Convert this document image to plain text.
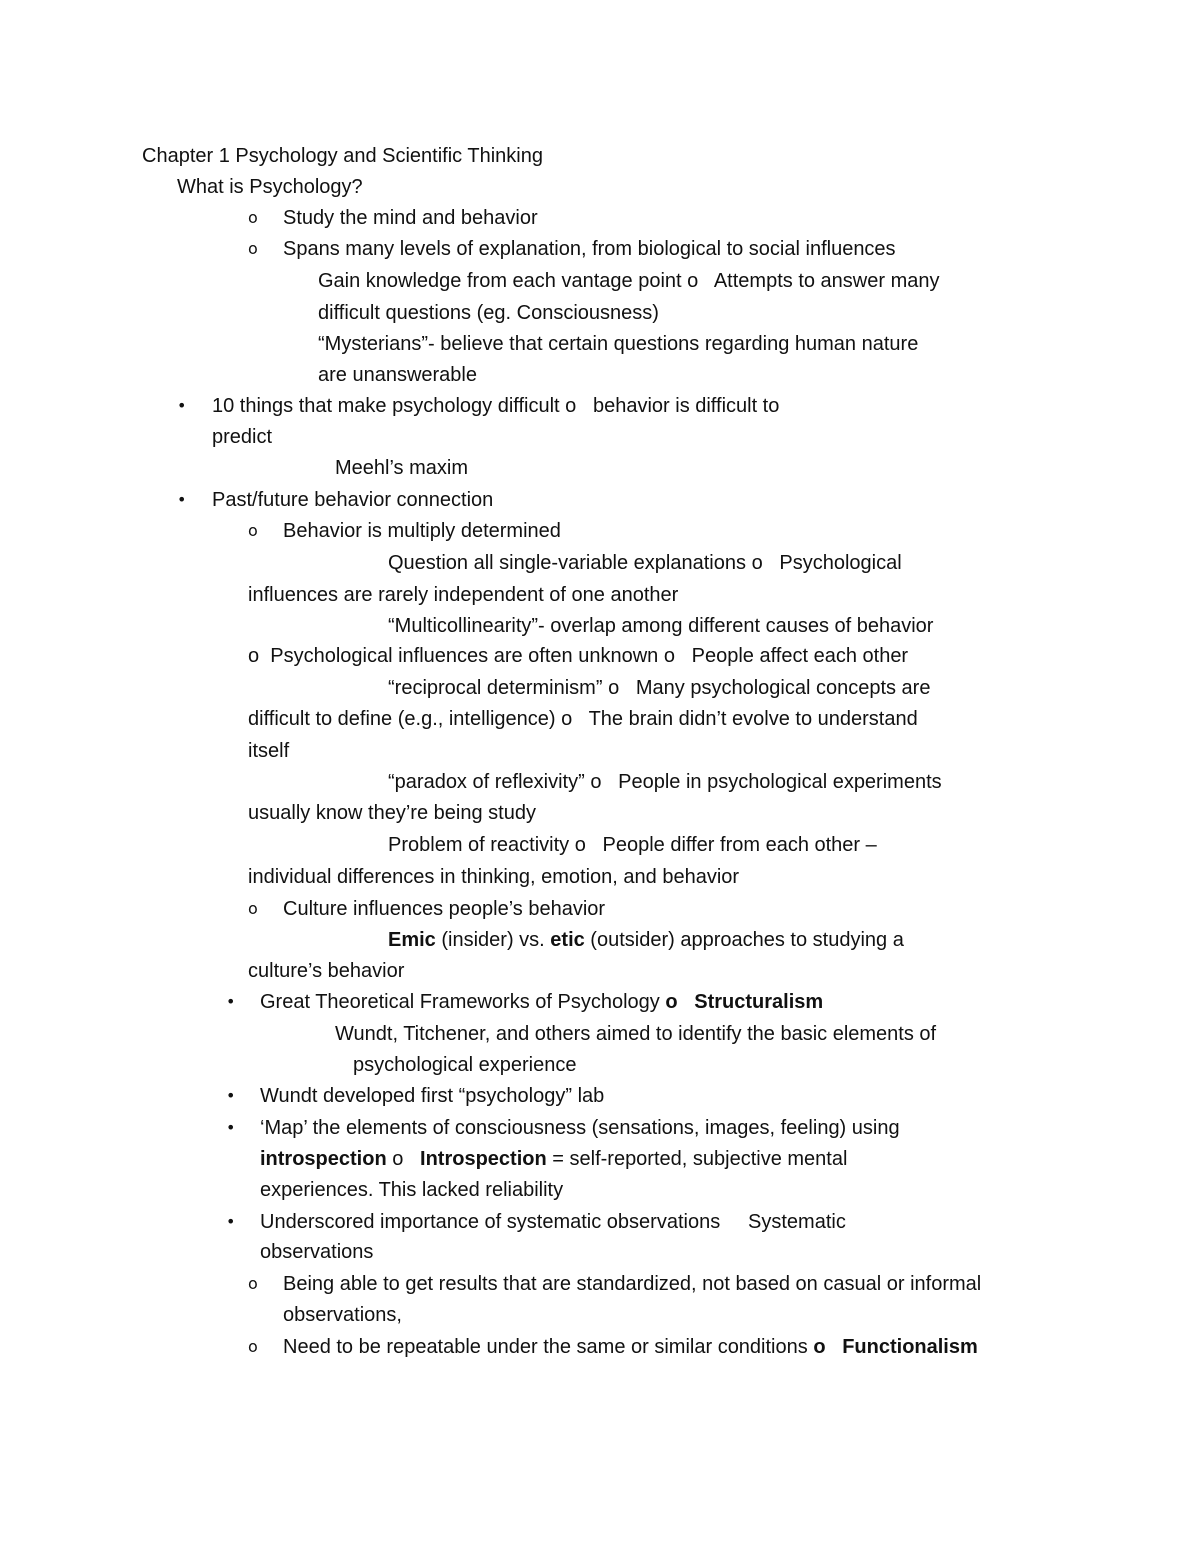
Chapter 1 Psychology and Scientific Thinking

What is Psychology?

o Study the mind and behavior

o Spans many levels of explanation, from biological to social influences

Gain knowledge from each vantage point o Attempts to answer many

difficult questions (eg. Consciousness)

“Mysterians”- believe that certain questions regarding human nature

are unanswerable

• 10 things that make psychology difficult o behavior is difficult to

predict

Meehl’s maxim

• Past/future behavior connection

o Behavior is multiply determined

Question all single-variable explanations o Psychological

influences are rarely independent of one another

“Multicollinearity”- overlap among different causes of behavior

o Psychological influences are often unknown o People affect each other

“reciprocal determinism” o Many psychological concepts are

difficult to define (e.g., intelligence) o The brain didn’t evolve to understand

itself

“paradox of reflexivity” o People in psychological experiments

usually know they’re being study

Problem of reactivity o People differ from each other –

individual differences in thinking, emotion, and behavior

o Culture influences people’s behavior

Emic (insider) vs. etic (outsider) approaches to studying a

culture’s behavior

• Great Theoretical Frameworks of Psychology o Structuralism

Wundt, Titchener, and others aimed to identify the basic elements of

psychological experience

• Wundt developed first “psychology” lab

• ‘Map’ the elements of consciousness (sensations, images, feeling) using

introspection o Introspection = self-reported, subjective mental

experiences. This lacked reliability

• Underscored importance of systematic observations Systematic

observations

o Being able to get results that are standardized, not based on casual or informal

observations,

o Need to be repeatable under the same or similar conditions o Functionalism
